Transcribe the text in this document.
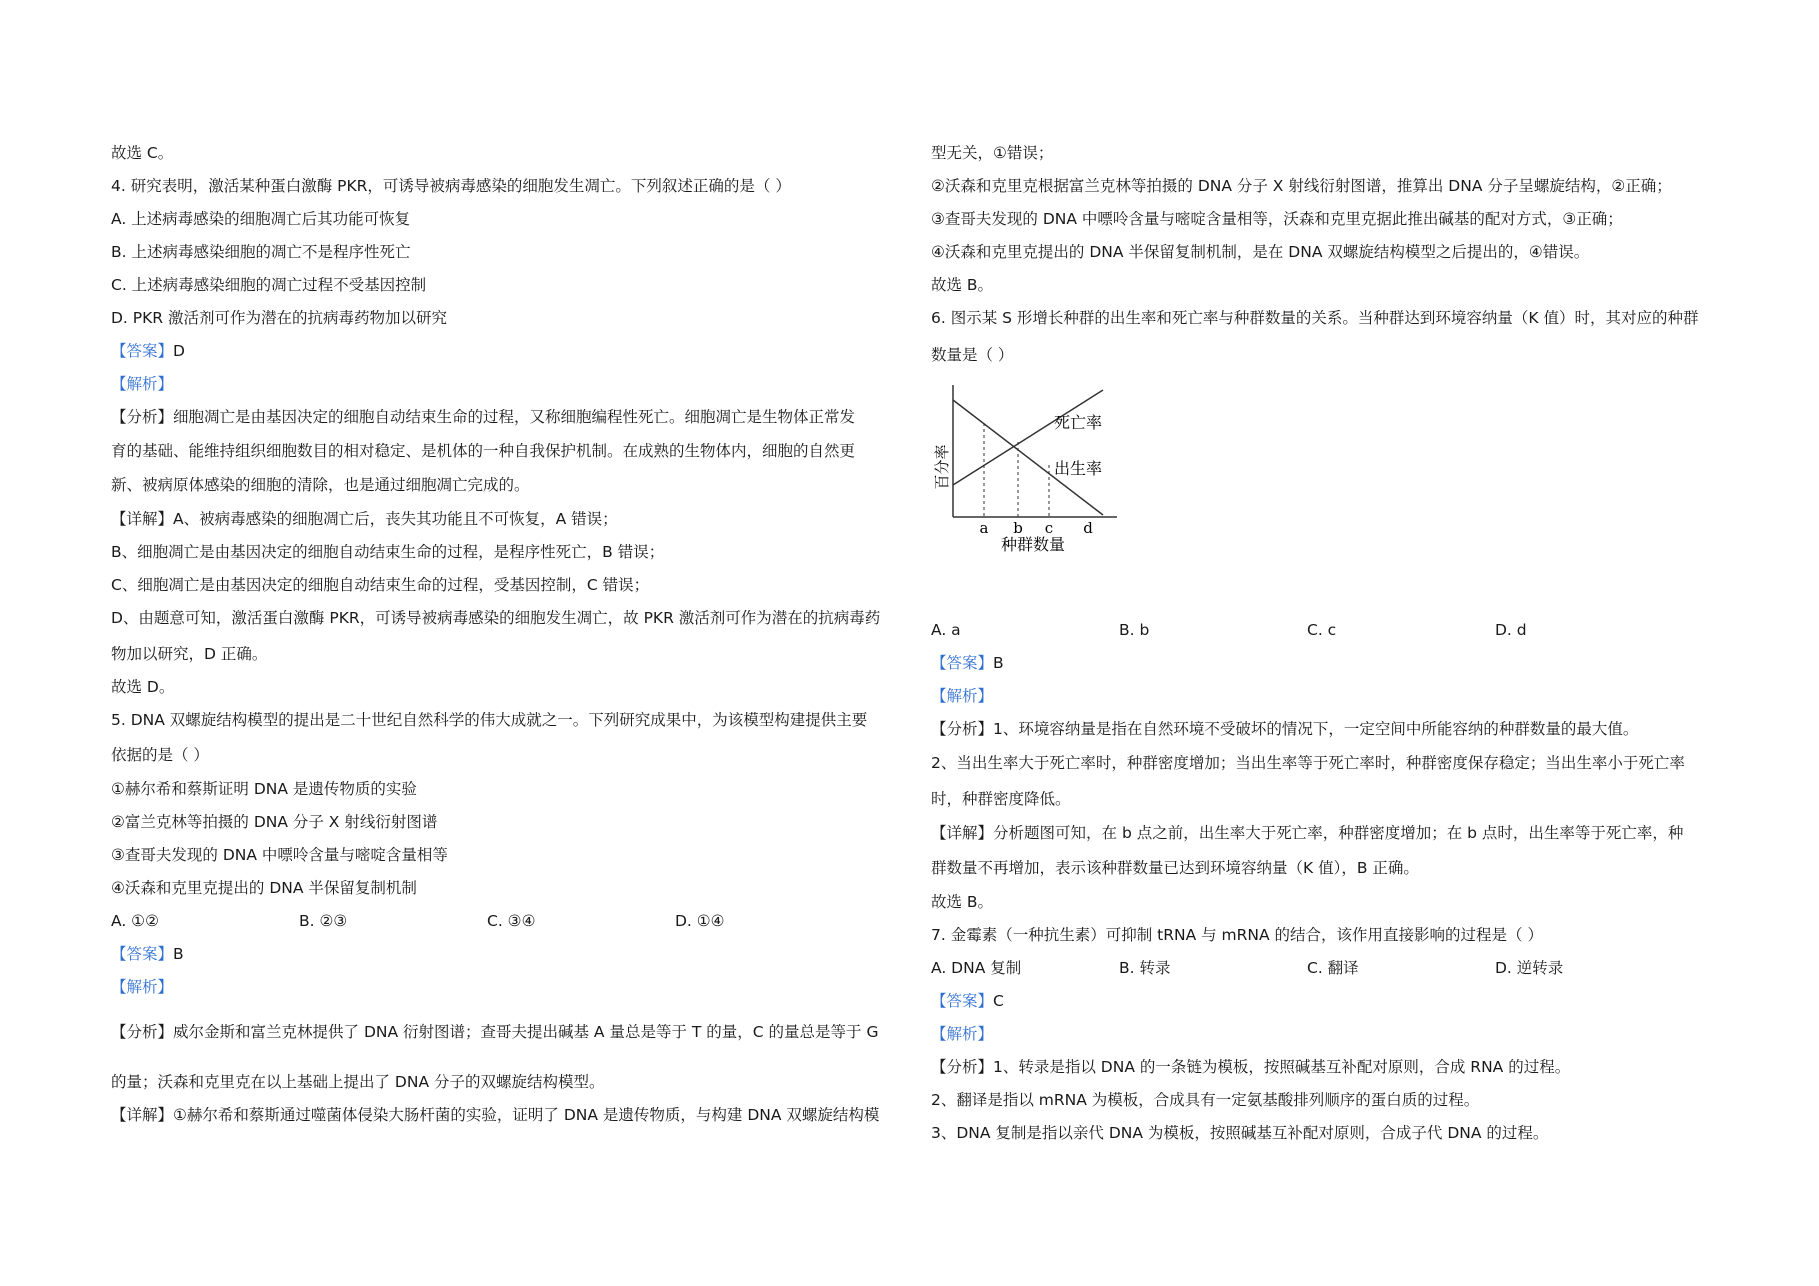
故选 C。
4. 研究表明，激活某种蛋白激酶 PKR，可诱导被病毒感染的细胞发生凋亡。下列叙述正确的是（ ）
A. 上述病毒感染的细胞凋亡后其功能可恢复
B. 上述病毒感染细胞的凋亡不是程序性死亡
C. 上述病毒感染细胞的凋亡过程不受基因控制
D. PKR 激活剂可作为潜在的抗病毒药物加以研究
【答案】D
【解析】
【分析】细胞凋亡是由基因决定的细胞自动结束生命的过程，又称细胞编程性死亡。细胞凋亡是生物体正常发
育的基础、能维持组织细胞数目的相对稳定、是机体的一种自我保护机制。在成熟的生物体内，细胞的自然更
新、被病原体感染的细胞的清除，也是通过细胞凋亡完成的。
【详解】A、被病毒感染的细胞凋亡后，丧失其功能且不可恢复，A 错误；
B、细胞凋亡是由基因决定的细胞自动结束生命的过程，是程序性死亡，B 错误；
C、细胞凋亡是由基因决定的细胞自动结束生命的过程，受基因控制，C 错误；
D、由题意可知，激活蛋白激酶 PKR，可诱导被病毒感染的细胞发生凋亡，故 PKR 激活剂可作为潜在的抗病毒药
物加以研究，D 正确。
故选 D。
5. DNA 双螺旋结构模型的提出是二十世纪自然科学的伟大成就之一。下列研究成果中，为该模型构建提供主要
依据的是（ ）
①赫尔希和蔡斯证明 DNA 是遗传物质的实验
②富兰克林等拍摄的 DNA 分子 X 射线衍射图谱
③查哥夫发现的 DNA 中嘌呤含量与嘧啶含量相等
④沃森和克里克提出的 DNA 半保留复制机制
A. ①②	B. ②③	C. ③④	D. ①④
【答案】B
【解析】
【分析】威尔金斯和富兰克林提供了 DNA 衍射图谱；查哥夫提出碱基 A 量总是等于 T 的量，C 的量总是等于 G
的量；沃森和克里克在以上基础上提出了 DNA 分子的双螺旋结构模型。
【详解】①赫尔希和蔡斯通过噬菌体侵染大肠杆菌的实验，证明了 DNA 是遗传物质，与构建 DNA 双螺旋结构模
型无关，①错误；
②沃森和克里克根据富兰克林等拍摄的 DNA 分子 X 射线衍射图谱，推算出 DNA 分子呈螺旋结构，②正确；
③查哥夫发现的 DNA 中嘌呤含量与嘧啶含量相等，沃森和克里克据此推出碱基的配对方式，③正确；
④沃森和克里克提出的 DNA 半保留复制机制，是在 DNA 双螺旋结构模型之后提出的，④错误。
故选 B。
6. 图示某 S 形增长种群的出生率和死亡率与种群数量的关系。当种群达到环境容纳量（K 值）时，其对应的种群
数量是（ ）
死亡率
出生率
百分率
a b c d
种群数量
A. a	B. b	C. c	D. d
【答案】B
【解析】
【分析】1、环境容纳量是指在自然环境不受破坏的情况下，一定空间中所能容纳的种群数量的最大值。
2、当出生率大于死亡率时，种群密度增加；当出生率等于死亡率时，种群密度保存稳定；当出生率小于死亡率
时，种群密度降低。
【详解】分析题图可知，在 b 点之前，出生率大于死亡率，种群密度增加；在 b 点时，出生率等于死亡率，种
群数量不再增加，表示该种群数量已达到环境容纳量（K 值），B 正确。
故选 B。
7. 金霉素（一种抗生素）可抑制 tRNA 与 mRNA 的结合，该作用直接影响的过程是（ ）
A. DNA 复制	B. 转录	C. 翻译	D. 逆转录
【答案】C
【解析】
【分析】1、转录是指以 DNA 的一条链为模板，按照碱基互补配对原则，合成 RNA 的过程。
2、翻译是指以 mRNA 为模板，合成具有一定氨基酸排列顺序的蛋白质的过程。
3、DNA 复制是指以亲代 DNA 为模板，按照碱基互补配对原则，合成子代 DNA 的过程。
